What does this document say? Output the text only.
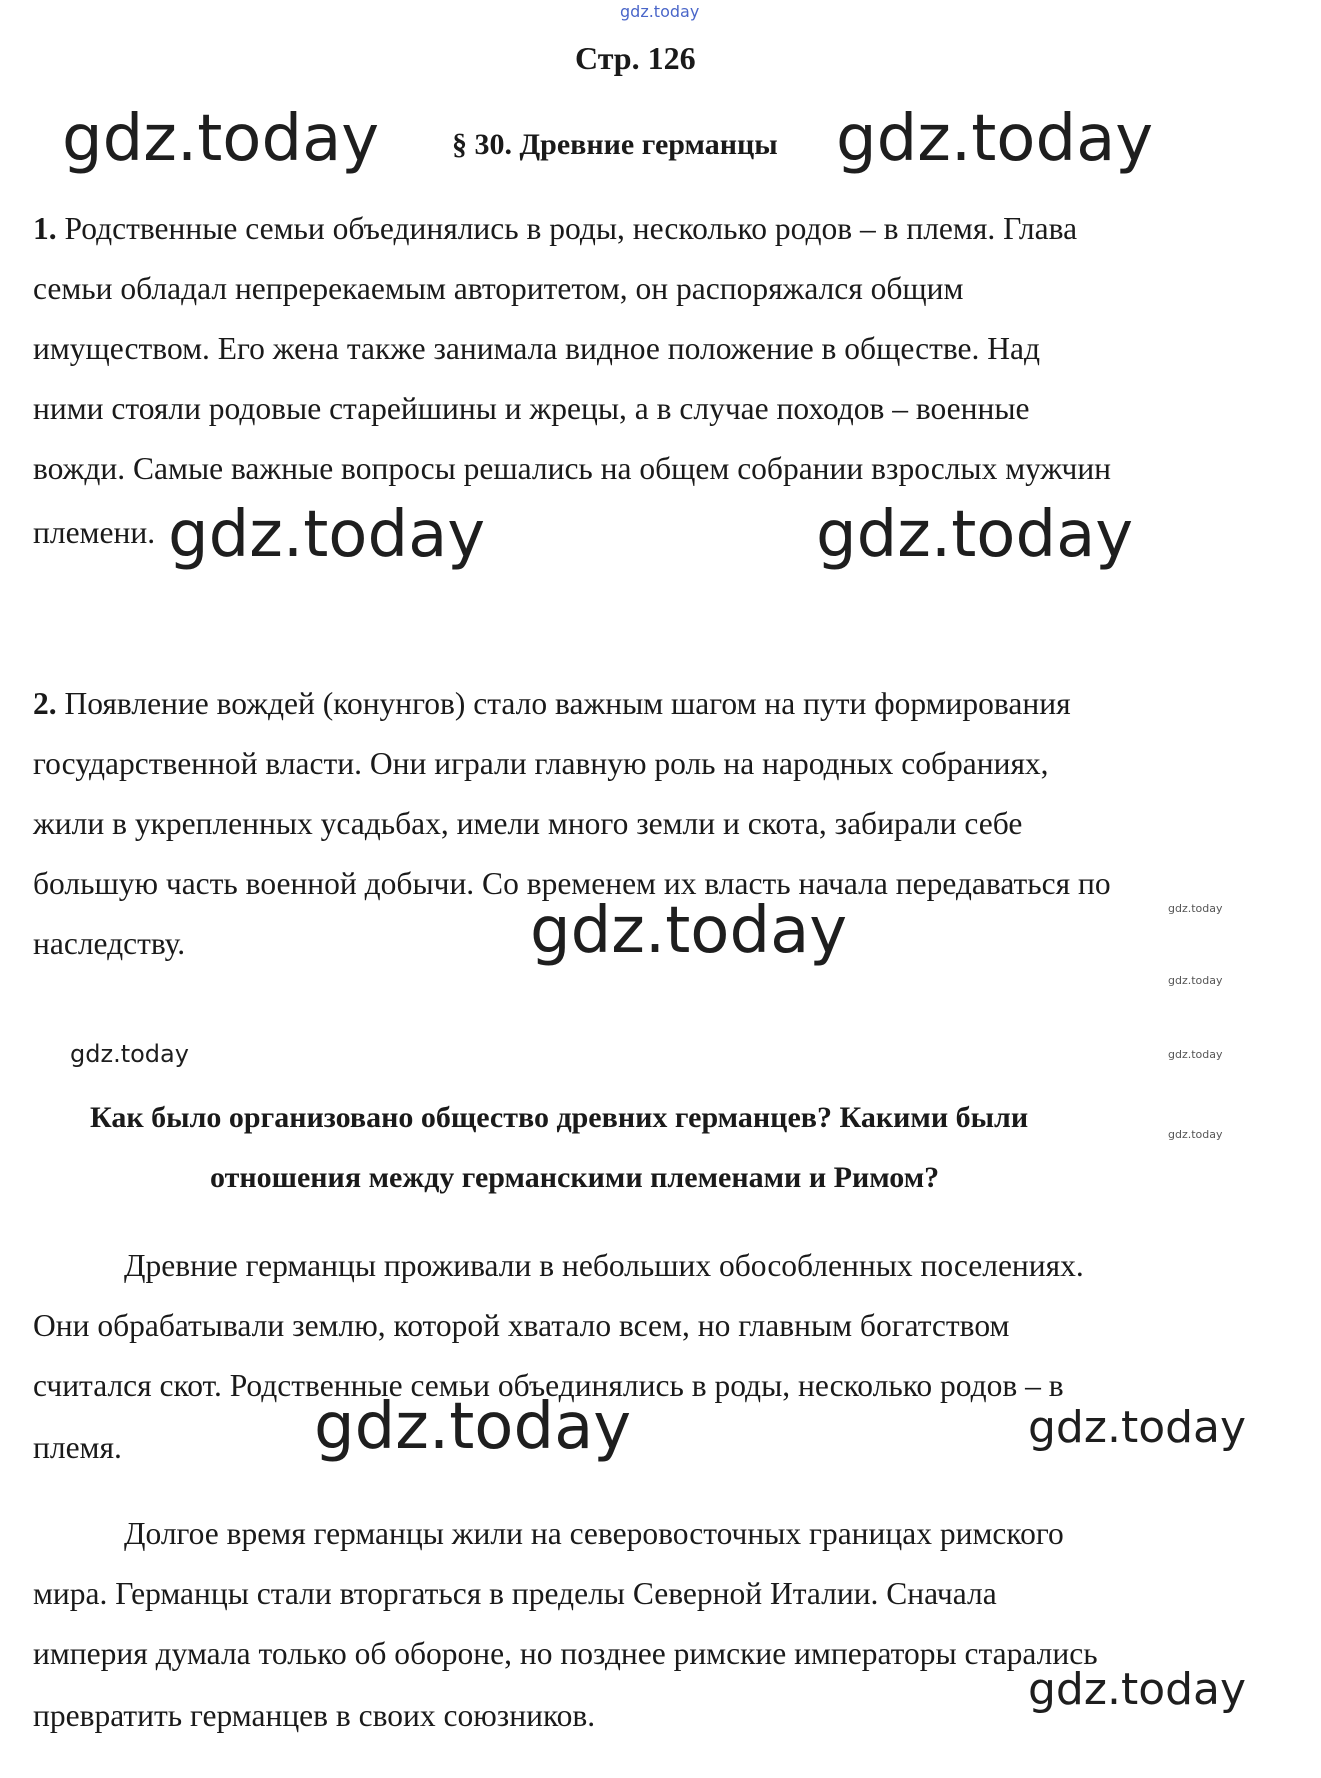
gdz.today
Стр. 126
gdz.today § 30. Древние германцы gdz.today
1. Родственные семьи объединялись в роды, несколько родов – в племя. Глава
семьи обладал непререкаемым авторитетом, он распоряжался общим
имуществом. Его жена также занимала видное положение в обществе. Над
ними стояли родовые старейшины и жрецы, а в случае походов – военные
вожди. Самые важные вопросы решались на общем собрании взрослых мужчин
племени. gdz.today	gdz.today
2. Появление вождей (конунгов) стало важным шагом на пути формирования
государственной власти. Они играли главную роль на народных собраниях,
жили в укрепленных усадьбах, имели много земли и скота, забирали себе
большую часть военной добычи. Со временем их власть начала передаваться по
наследству.	gdz.today	gdz.today
gdz.today
gdz.today	gdz.today
Как было организовано общество древних германцев? Какими были
отношения между германскими племенами и Римом?
gdz.today
Древние германцы проживали в небольших обособленных поселениях.
Они обрабатывали землю, которой хватало всем, но главным богатством
считался скот. Родственные семьи объединялись в роды, несколько родов – в
племя.	gdz.today	gdz.today
Долгое время германцы жили на северовосточных границах римского
мира. Германцы стали вторгаться в пределы Северной Италии. Сначала
империя думала только об обороне, но позднее римские императоры старались
превратить германцев в своих союзников.
gdz.today
